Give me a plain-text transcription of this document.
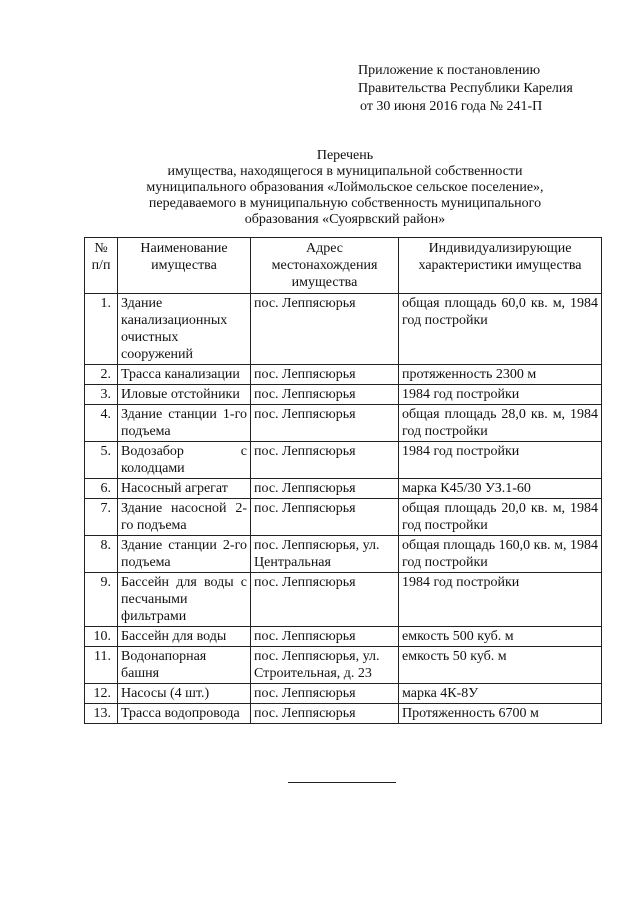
Приложение к постановлению
Правительства Республики Карелия
от 30 июня 2016 года № 241-П
Перечень
имущества, находящегося в муниципальной собственности
муниципального образования «Лоймольское сельское поселение»,
передаваемого в муниципальную собственность муниципального
образования «Суоярвский район»
№ п/п	Наименование имущества	Адрес местонахождения имущества	Индивидуализирующие характеристики имущества
1.	Здание канализационных очистных сооружений	пос. Леппясюрья	общая площадь 60,0 кв. м, 1984 год постройки
2.	Трасса канализации	пос. Леппясюрья	протяженность 2300 м
3.	Иловые отстойники	пос. Леппясюрья	1984 год постройки
4.	Здание станции 1-го подъема	пос. Леппясюрья	общая площадь 28,0 кв. м, 1984 год постройки
5.	Водозабор с колодцами	пос. Леппясюрья	1984 год постройки
6.	Насосный агрегат	пос. Леппясюрья	марка К45/30 УЗ.1-60
7.	Здание насосной 2-го подъема	пос. Леппясюрья	общая площадь 20,0 кв. м, 1984 год постройки
8.	Здание станции 2-го подъема	пос. Леппясюрья, ул. Центральная	общая площадь 160,0 кв. м, 1984 год постройки
9.	Бассейн для воды с песчаными фильтрами	пос. Леппясюрья	1984 год постройки
10.	Бассейн для воды	пос. Леппясюрья	емкость 500 куб. м
11.	Водонапорная башня	пос. Леппясюрья, ул. Строительная, д. 23	емкость 50 куб. м
12.	Насосы (4 шт.)	пос. Леппясюрья	марка 4К-8У
13.	Трасса водопровода	пос. Леппясюрья	Протяженность 6700 м
